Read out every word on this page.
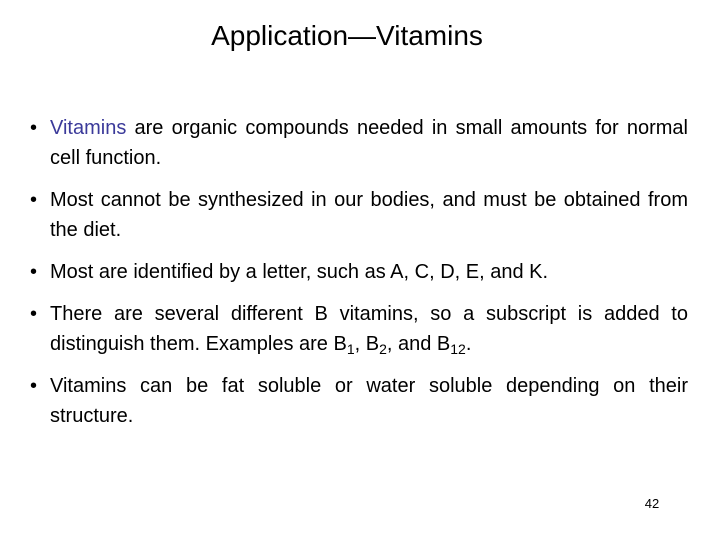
Application—Vitamins
• Vitamins are organic compounds needed in small amounts for normal cell function.
• Most cannot be synthesized in our bodies, and must be obtained from the diet.
• Most are identified by a letter, such as A, C, D, E, and K.
• There are several different B vitamins, so a subscript is added to distinguish them. Examples are $B_1$, $B_2$, and $B_{12}$.
• Vitamins can be fat soluble or water soluble depending on their structure.
42
